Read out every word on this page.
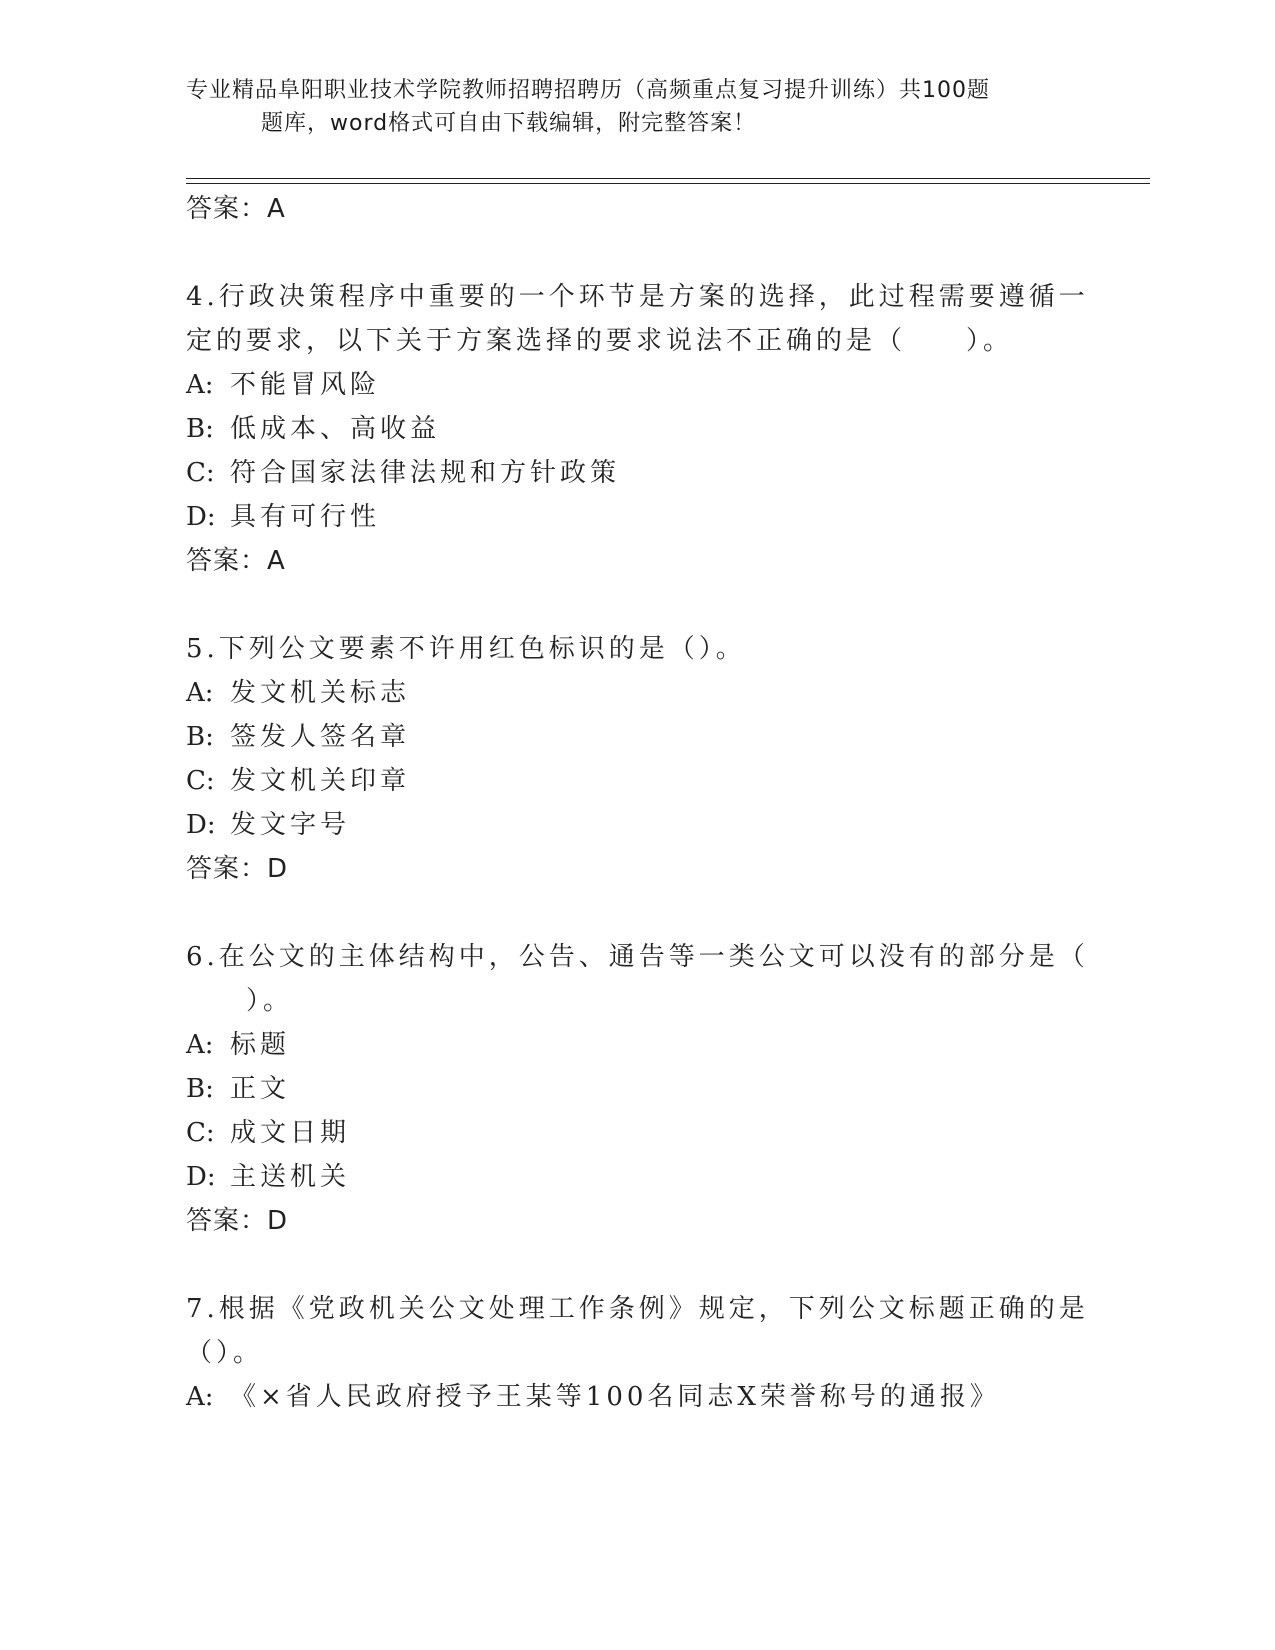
专业精品阜阳职业技术学院教师招聘招聘历（高频重点复习提升训练）共100题
题库，word格式可自由下载编辑，附完整答案！
答案：A
4.行政决策程序中重要的一个环节是方案的选择，此过程需要遵循一
定的要求，以下关于方案选择的要求说法不正确的是（　　）。
A: 不能冒风险
B: 低成本、高收益
C: 符合国家法律法规和方针政策
D: 具有可行性
答案：A
5.下列公文要素不许用红色标识的是（）。
A: 发文机关标志
B: 签发人签名章
C: 发文机关印章
D: 发文字号
答案：D
6.在公文的主体结构中，公告、通告等一类公文可以没有的部分是（
　　）。
A: 标题
B: 正文
C: 成文日期
D: 主送机关
答案：D
7.根据《党政机关公文处理工作条例》规定，下列公文标题正确的是
（）。
A: 《×省人民政府授予王某等100名同志X荣誉称号的通报》
